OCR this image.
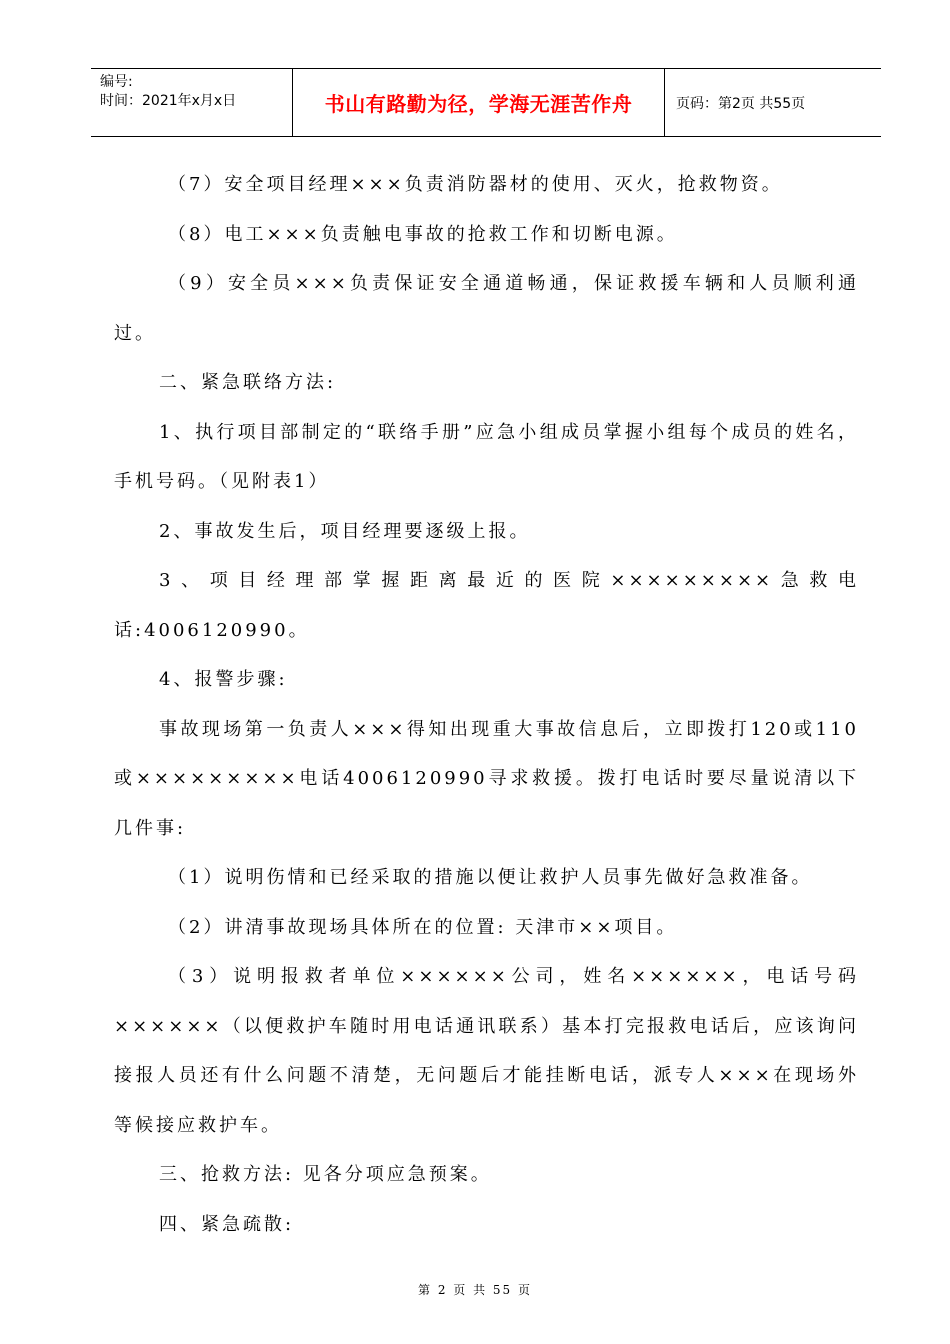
编号:
时间：2021年x月x日	书山有路勤为径，学海无涯苦作舟	页码：第2页 共55页

（7）安全项目经理×××负责消防器材的使用、灭火，抢救物资。

（8）电工×××负责触电事故的抢救工作和切断电源。

（9）安全员×××负责保证安全通道畅通，保证救援车辆和人员顺利通过。

二、紧急联络方法:

1、执行项目部制定的“联络手册”应急小组成员掌握小组每个成员的姓名，手机号码。（见附表1）

2、事故发生后，项目经理要逐级上报。

3、项目经理部掌握距离最近的医院×××××××××急救电话:4006120990。

4、报警步骤:

事故现场第一负责人×××得知出现重大事故信息后，立即拨打120或110或×××××××××电话4006120990寻求救援。拨打电话时要尽量说清以下几件事:

（1）说明伤情和已经采取的措施以便让救护人员事先做好急救准备。

（2）讲清事故现场具体所在的位置: 天津市××项目。

（3）说明报救者单位××××××公司，姓名××××××，电话号码××××××（以便救护车随时用电话通讯联系）基本打完报救电话后，应该询问接报人员还有什么问题不清楚，无问题后才能挂断电话，派专人×××在现场外等候接应救护车。

三、抢救方法: 见各分项应急预案。

四、紧急疏散:

第 2 页 共 55 页
